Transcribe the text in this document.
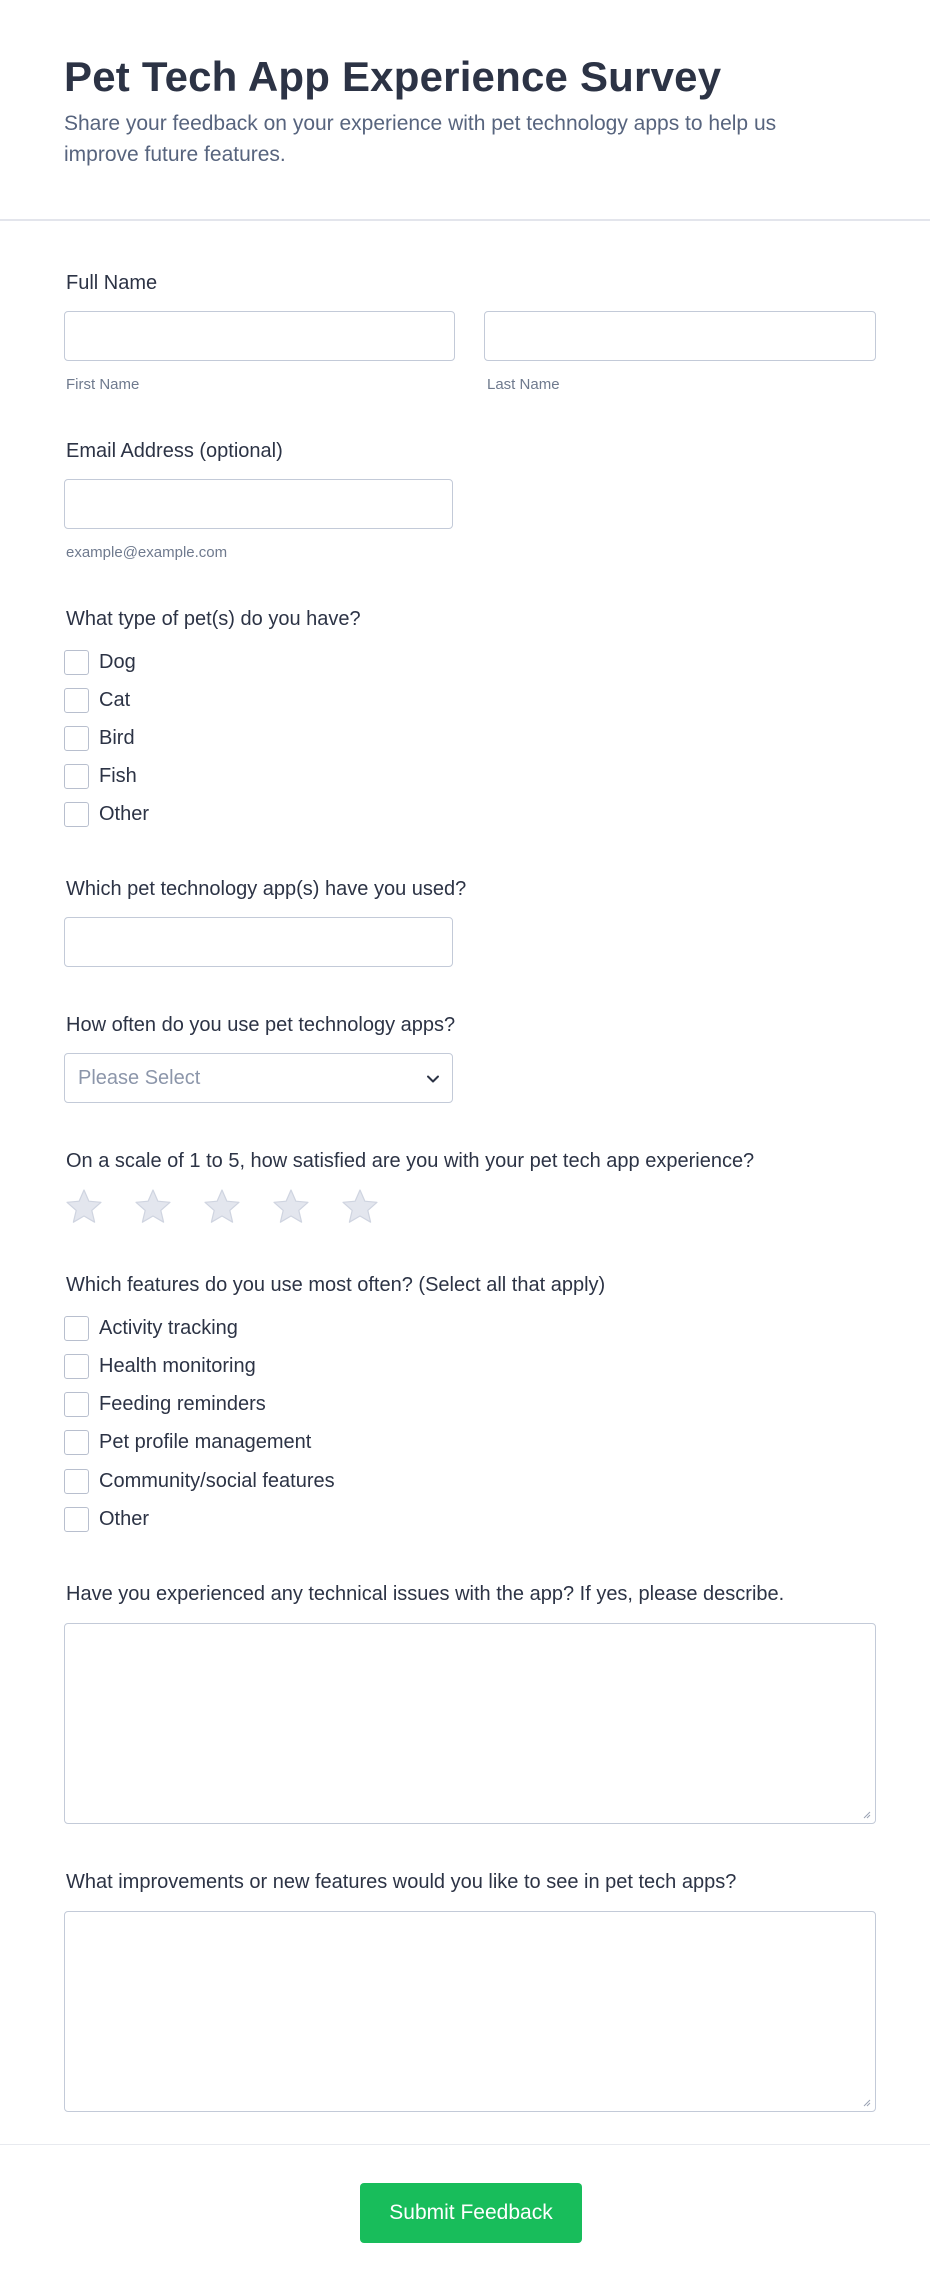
Pet Tech App Experience Survey
Share your feedback on your experience with pet technology apps to help us improve future features.
Full Name
First Name	Last Name
Email Address (optional)
example@example.com
What type of pet(s) do you have?
Dog
Cat
Bird
Fish
Other
Which pet technology app(s) have you used?
How often do you use pet technology apps?
Please Select
On a scale of 1 to 5, how satisfied are you with your pet tech app experience?
Which features do you use most often? (Select all that apply)
Activity tracking
Health monitoring
Feeding reminders
Pet profile management
Community/social features
Other
Have you experienced any technical issues with the app? If yes, please describe.
What improvements or new features would you like to see in pet tech apps?
Submit Feedback
